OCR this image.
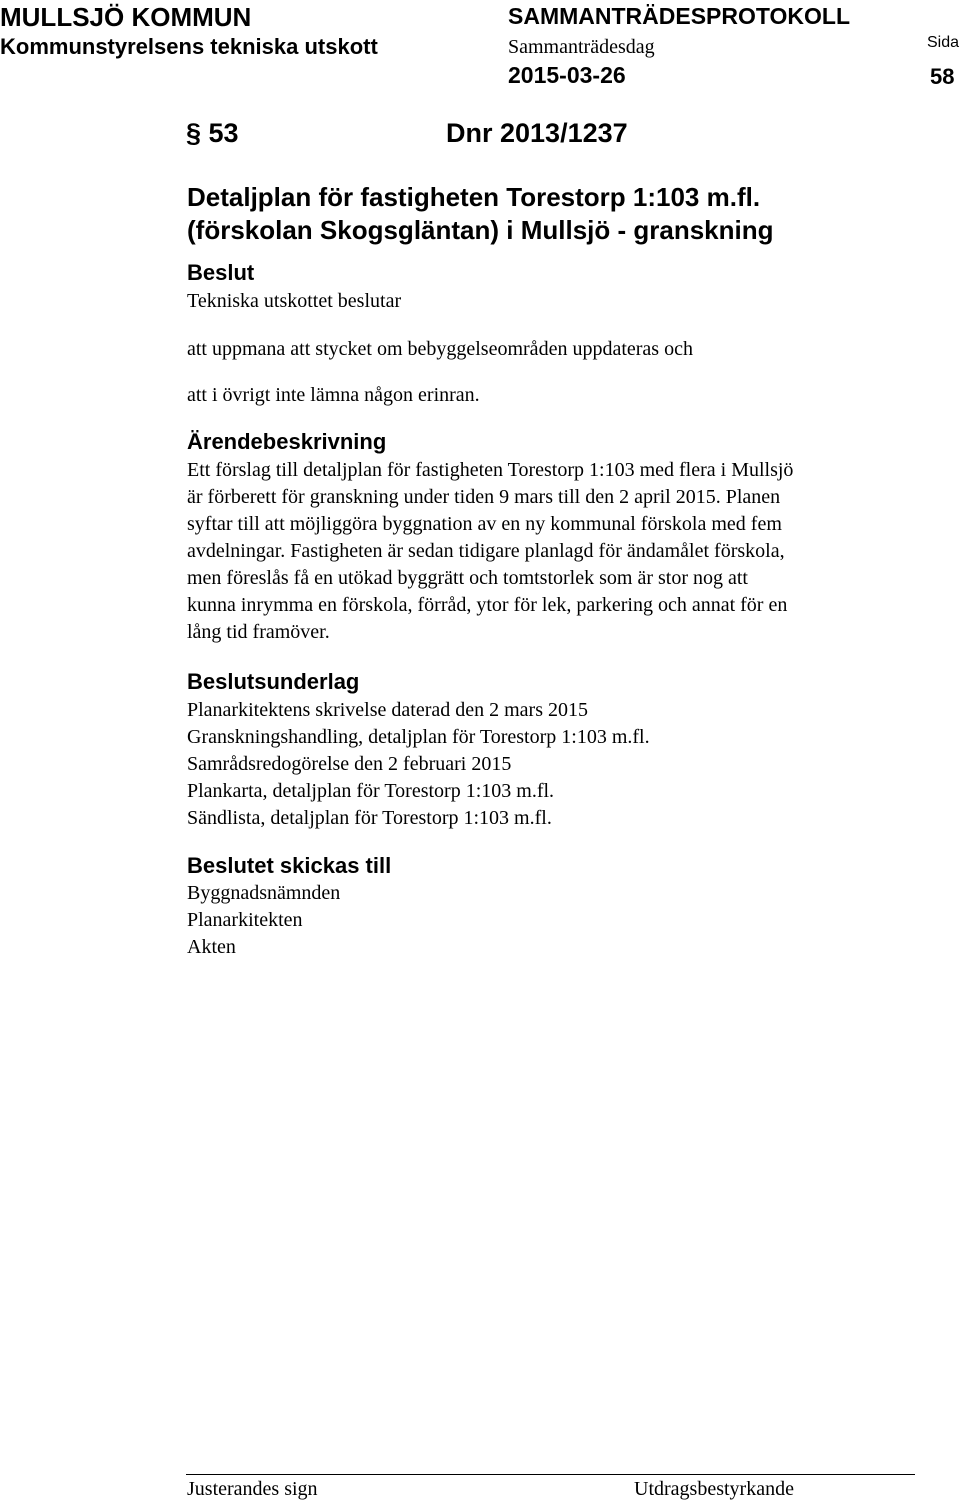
MULLSJÖ KOMMUN
Kommunstyrelsens tekniska utskott
SAMMANTRÄDESPROTOKOLL
Sammanträdesdag
2015-03-26
Sida
58
§ 53	Dnr 2013/1237
Detaljplan för fastigheten Torestorp 1:103 m.fl.
(förskolan Skogsgläntan) i Mullsjö - granskning
Beslut
Tekniska utskottet beslutar
att uppmana att stycket om bebyggelseområden uppdateras och
att i övrigt inte lämna någon erinran.
Ärendebeskrivning
Ett förslag till detaljplan för fastigheten Torestorp 1:103 med flera i Mullsjö
är förberett för granskning under tiden 9 mars till den 2 april 2015. Planen
syftar till att möjliggöra byggnation av en ny kommunal förskola med fem
avdelningar. Fastigheten är sedan tidigare planlagd för ändamålet förskola,
men föreslås få en utökad byggrätt och tomtstorlek som är stor nog att
kunna inrymma en förskola, förråd, ytor för lek, parkering och annat för en
lång tid framöver.
Beslutsunderlag
Planarkitektens skrivelse daterad den 2 mars 2015
Granskningshandling, detaljplan för Torestorp 1:103 m.fl.
Samrådsredogörelse den 2 februari 2015
Plankarta, detaljplan för Torestorp 1:103 m.fl.
Sändlista, detaljplan för Torestorp 1:103 m.fl.
Beslutet skickas till
Byggnadsnämnden
Planarkitekten
Akten
Justerandes sign	Utdragsbestyrkande
